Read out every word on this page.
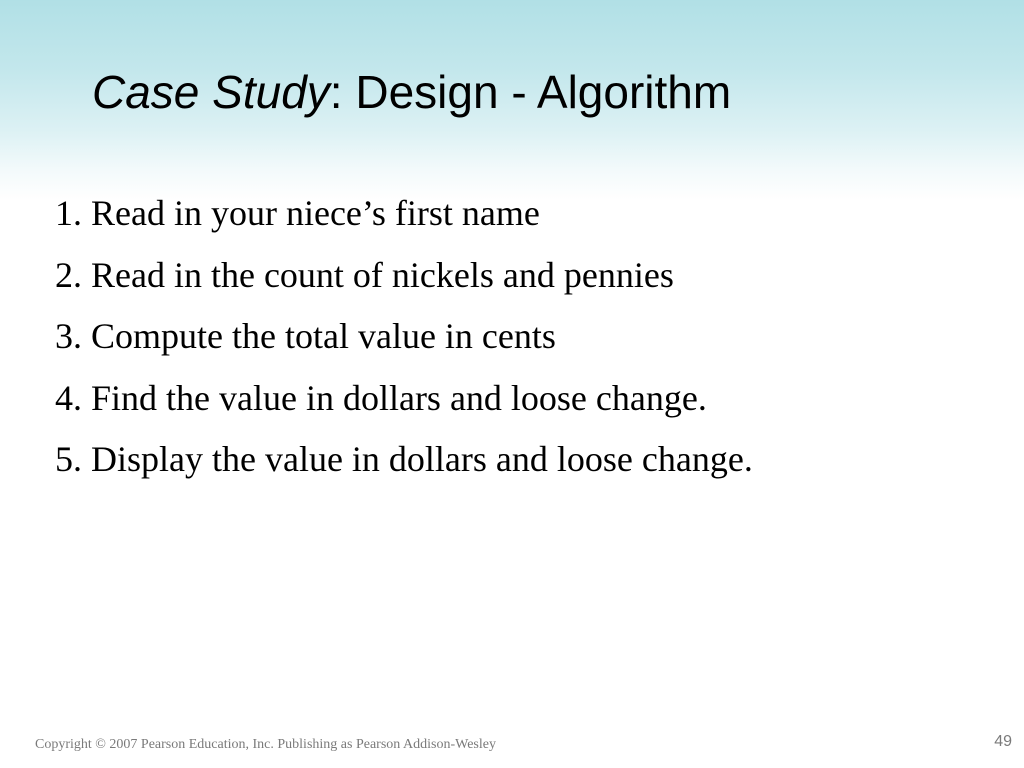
Case Study: Design - Algorithm
1. Read in your niece’s first name
2. Read in the count of nickels and pennies
3. Compute the total value in cents
4. Find the value in dollars and loose change.
5. Display the value in dollars and loose change.
Copyright © 2007 Pearson Education, Inc. Publishing as Pearson Addison-Wesley	49
